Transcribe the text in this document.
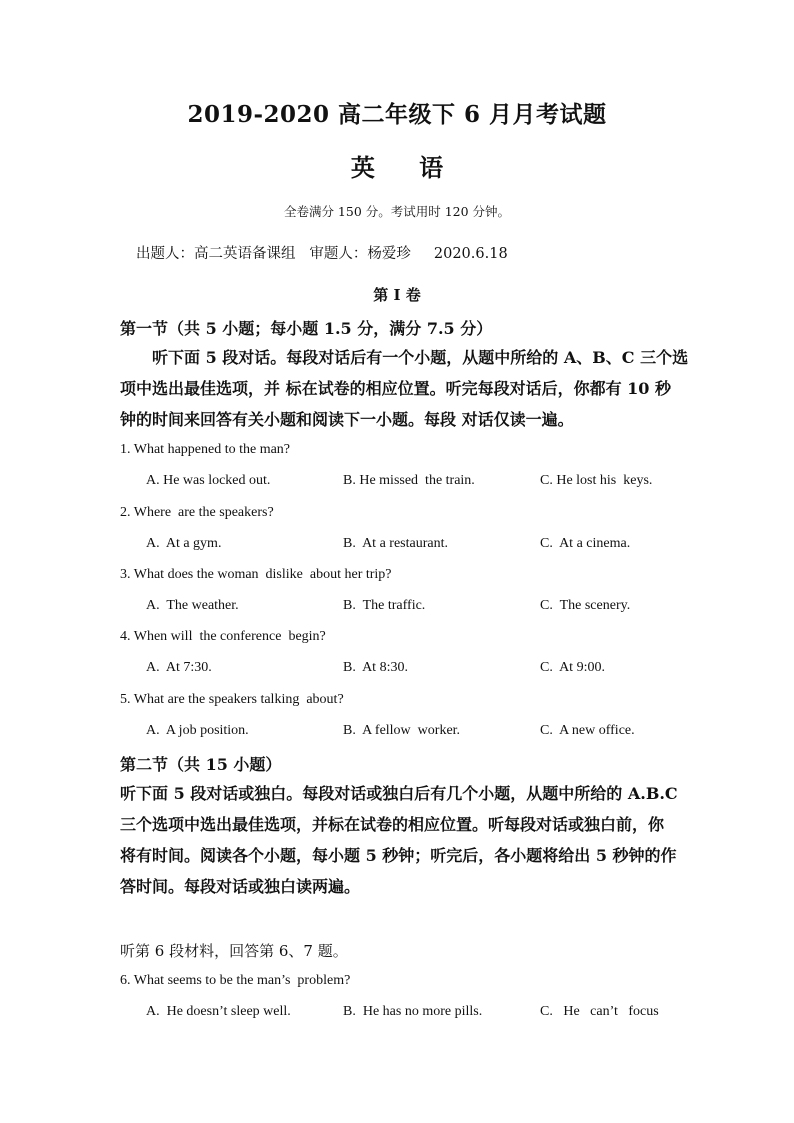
2019-2020 高二年级下 6 月月考试题
英 语
全卷满分 150 分。考试用时 120 分钟。
出题人：高二英语备课组   审题人：杨爱珍     2020.6.18
第 I 卷
第一节（共 5 小题；每小题 1.5 分，满分 7.5 分）
听下面 5 段对话。每段对话后有一个小题，从题中所给的 A、B、C 三个选
项中选出最佳选项，并 标在试卷的相应位置。听完每段对话后，你都有 10 秒
钟的时间来回答有关小题和阅读下一小题。每段 对话仅读一遍。
1. What happened to the man?
A. He was locked out.	B. He missed  the train.	C. He lost his  keys.
2. Where  are the speakers?
A.  At a gym.	B.  At a restaurant.	C.  At a cinema.
3. What does the woman  dislike  about her trip?
A.  The weather.	B.  The traffic.	C.  The scenery.
4. When will  the conference  begin?
A.  At 7:30.	B.  At 8:30.	C.  At 9:00.
5. What are the speakers talking  about?
A.  A job position.	B.  A fellow  worker.	C.  A new office.
第二节（共 15 小题）
听下面 5 段对话或独白。每段对话或独白后有几个小题，从题中所给的 A.B.C
三个选项中选出最佳选项，并标在试卷的相应位置。听每段对话或独白前，你
将有时间。阅读各个小题，每小题 5 秒钟；听完后，各小题将给出 5 秒钟的作
答时间。每段对话或独白读两遍。
听第 6 段材料，回答第 6、7 题。
6. What seems to be the man’s  problem?
A.  He doesn’t sleep well.	B.  He has no more pills.	C.   He   can’t   focus
